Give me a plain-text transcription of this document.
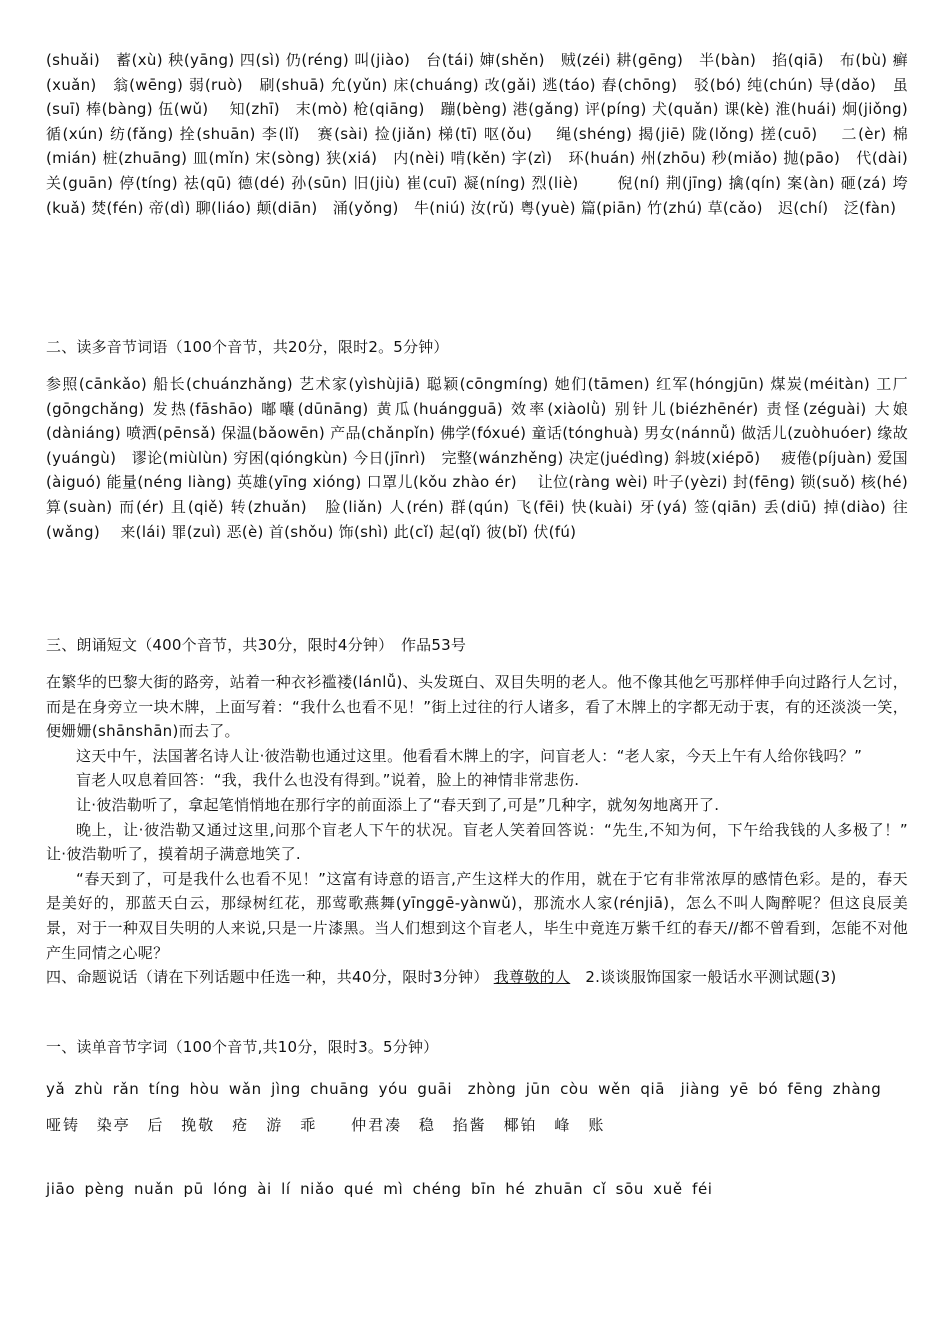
(shuǎi)　蓄(xù) 秧(yāng) 四(sì) 仍(réng) 叫(jiào)　台(tái) 婶(shěn)　贼(zéi) 耕(gēng)　半(bàn)　掐(qiā)　布(bù) 癣(xuǎn)　翁(wēng) 弱(ruò)　刷(shuā) 允(yǔn) 床(chuáng) 改(gǎi) 逃(táo) 舂(chōng)　驳(bó) 纯(chún) 导(dǎo)　虽(suī) 棒(bàng) 伍(wǔ)　 知(zhī)　末(mò) 枪(qiāng)　蹦(bèng) 港(gǎng) 评(píng) 犬(quǎn) 课(kè) 淮(huái) 炯(jiǒng) 循(xún) 纺(fǎng) 拴(shuān) 李(lǐ)　赛(sài) 捡(jiǎn) 梯(tī) 呕(ǒu)　 绳(shéng) 揭(jiē) 陇(lǒng) 搓(cuō)　 二(èr) 棉(mián) 桩(zhuāng) 皿(mǐn) 宋(sòng) 狭(xiá)　内(nèi) 啃(kěn) 字(zì)　环(huán) 州(zhōu) 秒(miǎo) 抛(pāo)　代(dài)　 关(guān) 停(tíng) 祛(qū) 德(dé) 孙(sūn) 旧(jiù) 崔(cuī) 凝(níng) 烈(liè)　　 倪(ní) 荆(jīng) 擒(qín) 案(àn) 砸(zá) 垮(kuǎ) 焚(fén) 帝(dì) 聊(liáo) 颠(diān)　涌(yǒng)　牛(niú) 汝(rǔ) 粤(yuè) 篇(piān) 竹(zhú) 草(cǎo)　迟(chí)　泛(fàn)

二、读多音节词语（100个音节，共20分，限时2。5分钟）

参照(cānkǎo) 船长(chuánzhǎng) 艺术家(yìshùjiā) 聪颖(cōngmíng) 她们(tāmen) 红军(hóngjūn) 煤炭(méitàn) 工厂(gōngchǎng) 发热(fāshāo) 嘟囔(dūnāng) 黄瓜(huángguā) 效率(xiàolǜ) 别针儿(biézhēnér) 责怪(zéguài) 大娘(dàniáng) 喷洒(pēnsǎ) 保温(bǎowēn) 产品(chǎnpǐn) 佛学(fóxué) 童话(tónghuà) 男女(nánnǚ) 做活儿(zuòhuóer) 缘故(yuángù)　谬论(miùlùn) 穷困(qióngkùn) 今日(jīnrì)　完整(wánzhěng) 决定(juédìng) 斜坡(xiépō)　 疲倦(píjuàn) 爱国(àiguó) 能量(néng liàng) 英雄(yīng xióng) 口罩儿(kǒu zhào ér)　 让位(ràng wèi) 叶子(yèzi) 封(fēng) 锁(suǒ) 核(hé) 算(suàn) 而(ér) 且(qiě) 转(zhuǎn)　脸(liǎn) 人(rén) 群(qún) 飞(fēi) 快(kuài) 牙(yá) 签(qiān) 丢(diū) 掉(diào) 往(wǎng)　 来(lái) 罪(zuì) 恶(è) 首(shǒu) 饰(shì) 此(cǐ) 起(qǐ) 彼(bǐ) 伏(fú)

三、朗诵短文（400个音节，共30分，限时4分钟）　作品53号

在繁华的巴黎大街的路旁，站着一种衣衫褴褛(lánlǚ)、头发斑白、双目失明的老人。他不像其他乞丐那样伸手向过路行人乞讨，而是在身旁立一块木牌，上面写着：“我什么也看不见！”街上过往的行人诸多，看了木牌上的字都无动于衷，有的还淡淡一笑，便姗姗(shānshān)而去了。

这天中午，法国著名诗人让·彼浩勒也通过这里。他看看木牌上的字，问盲老人：“老人家，今天上午有人给你钱吗？”

盲老人叹息着回答：“我，我什么也没有得到。”说着，脸上的神情非常悲伤.

让·彼浩勒听了，拿起笔悄悄地在那行字的前面添上了“春天到了,可是”几种字，就匆匆地离开了.

晚上，让·彼浩勒又通过这里,问那个盲老人下午的状况。盲老人笑着回答说：“先生,不知为何，下午给我钱的人多极了！”　让·彼浩勒听了，摸着胡子满意地笑了.

“春天到了，可是我什么也看不见！”这富有诗意的语言,产生这样大的作用，就在于它有非常浓厚的感情色彩。是的，春天是美好的，那蓝天白云，那绿树红花，那莺歌燕舞(yīnggē-yànwǔ)，那流水人家(rénjiā)，怎么不叫人陶醉呢？但这良辰美景，对于一种双目失明的人来说,只是一片漆黑。当人们想到这个盲老人，毕生中竟连万紫千红的春天//都不曾看到，怎能不对他产生同情之心呢？

四、命题说话（请在下列话题中任选一种，共40分，限时3分钟） 我尊敬的人 2.谈谈服饰国家一般话水平测试题(3)

一、读单音节字词（100个音节,共10分，限时3。5分钟）

yǎ zhù rǎn tíng hòu wǎn jìng chuāng yóu guāi　zhòng jūn còu wěn qiā　jiàng yē bó fēng zhàng

哑铸 染亭 后 挽敬　疮　游　乖　 仲君凑 稳 掐酱　椰铂 峰　账

jiāo pèng nuǎn pū lóng ài lí niǎo qué mì chéng bīn hé zhuān cǐ sōu xuě féi
